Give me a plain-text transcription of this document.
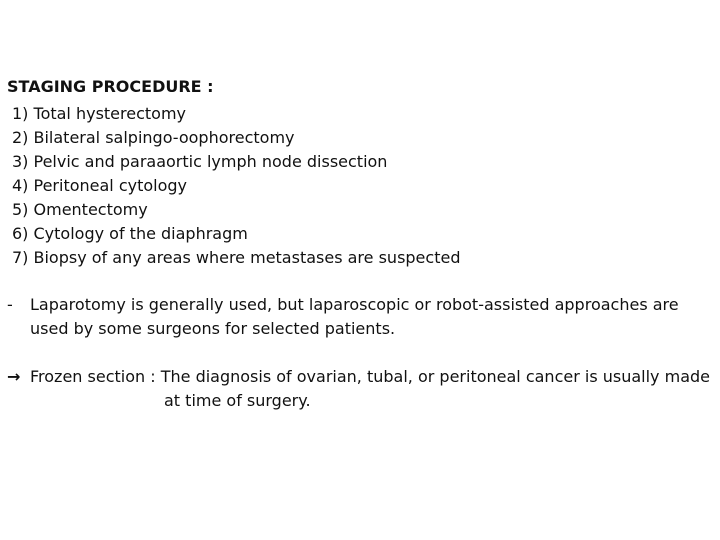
STAGING PROCEDURE :
1) Total hysterectomy
2) Bilateral salpingo-oophorectomy
3) Pelvic and paraaortic lymph node dissection
4) Peritoneal cytology
5) Omentectomy
6) Cytology of the diaphragm
7) Biopsy of any areas where metastases are suspected
-	Laparotomy is generally used, but laparoscopic or robot-assisted approaches are used by some surgeons for selected patients.
→ Frozen section : The diagnosis of ovarian, tubal, or peritoneal cancer is usually made
at time of surgery.
